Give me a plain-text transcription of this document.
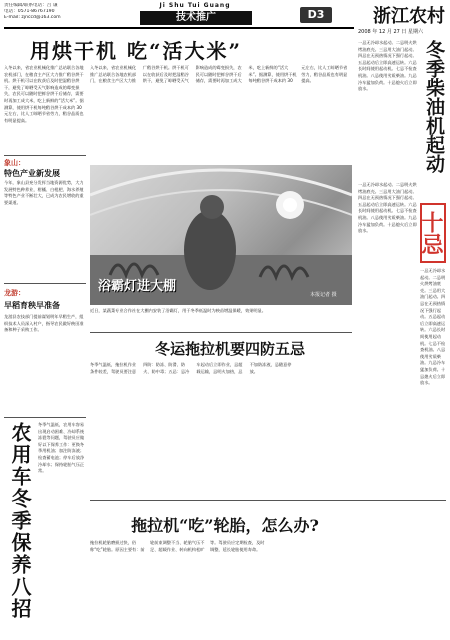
责任编辑/联系电话：吕 谦
电话：0571-86767190
E-mail: zjnccd@163.com
Ji Shu Tui Guang
技术推广	D3	浙江农村
用烘干机 吃“活大米”
入冬以来，省农业机械化推广总站联合各地农机部门，在粮食主产区大力推广稻谷烘干机。烘干机可以在收获后及时把湿稻谷烘干，避免了晾晒受天气影响造成的霉变损失，农民可以随时把鲜谷烘干后储存，需要时再加工成大米，吃上新鲜的“活大米”。据测算，使用烘干机每吨稻谷烘干成本约 30 元左右，比人工晾晒节省劳力，稻谷品质也有明显提高。
入冬以来，省农业机械化推广总站联合各地农机部门，在粮食主产区大力推广稻谷烘干机。烘干机可以在收获后及时把湿稻谷烘干，避免了晾晒受天气影响造成的霉变损失，农民可以随时把鲜谷烘干后储存，需要时再加工成大米，吃上新鲜的“活大米”。据测算，使用烘干机每吨稻谷烘干成本约 30 元左右，比人工晾晒节省劳力，稻谷品质也有明显提高。
象山：
特色产业新发展
今年，象山县充分发挥当地资源优势，大力发展特色种养业，柑橘、白枇杷、海水养殖等特色产业不断壮大，已成为农民增收的重要渠道。
龙游：
早稻育秧早准备
龙游县农技部门提前谋划明年早稻生产，组织技术人员深入村户，指导农民做好秧田准备和种子采购工作。
农用车冬季保养八招	冬季气温低，农用车容易出现启动困难、冷却系统冻裂等问题，驾驶员应做好以下保养工作：更换冬季用机油；加注防冻液；检查蓄电池；停车后放净冷却水；保持轮胎气压正常。
浴霸灯进大棚
本报记者 摄
近日，某蔬菜专业合作社在大棚内安装了浴霸灯，用于冬季低温时为秧苗增温保暖，效果明显。
冬运拖拉机要四防五忌
冬季气温低，拖拉机作业条件较差，驾驶员要注意四防：防冻、防滑、防火、防中毒；五忌：忌冷车起动后立即作业，忌超载运输，忌明火加热，忌不加防冻液，忌随意停放。
拖拉机“吃”轮胎，怎么办?
拖拉机轮胎磨损过快，俗称“吃”轮胎。原因主要有：前轮前束调整不当、轮胎气压不足、超载作业、转向机构松旷等。驾驶员应定期检查，及时调整，延长轮胎使用寿命。
2008 年 12 月 27 日 星期六
一忌无冷却水起动。二忌明火烘烤油底壳。三忌用大油门起动。四忌在无预热情况下强行起动。五忌起动后立即高速运转。六忌长时间使用起动机。七忌不检查机油。八忌使用劣质柴油。九忌冷车猛加负荷。十忌熄火后立即放水。	冬季柴油机起动
十忌
一忌无冷却水起动。二忌明火烘烤油底壳。三忌用大油门起动。四忌在无预热情况下强行起动。五忌起动后立即高速运转。六忌长时间使用起动机。七忌不检查机油。八忌使用劣质柴油。九忌冷车猛加负荷。十忌熄火后立即放水。
一忌无冷却水起动。二忌明火烘烤油底壳。三忌用大油门起动。四忌在无预热情况下强行起动。五忌起动后立即高速运转。六忌长时间使用起动机。七忌不检查机油。八忌使用劣质柴油。九忌冷车猛加负荷。十忌熄火后立即放水。
